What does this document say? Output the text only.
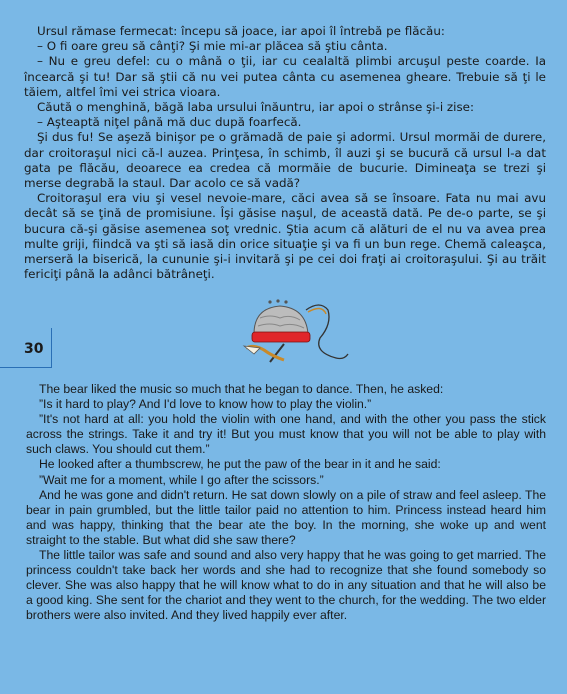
Ursul rămase fermecat: începu să joace, iar apoi îl întrebă pe flăcău:

– O fi oare greu să cânţi? Şi mie mi-ar plăcea să ştiu cânta.

– Nu e greu defel: cu o mână o ţii, iar cu cealaltă plimbi arcuşul peste coarde. Ia încearcă şi tu! Dar să ştii că nu vei putea cânta cu asemenea gheare. Trebuie să ţi le tăiem, altfel îmi vei strica vioara.

Căută o menghină, băgă laba ursului înăuntru, iar apoi o strânse şi-i zise:

– Aşteaptă niţel până mă duc după foarfecă.

Şi dus fu! Se aşeză binişor pe o grămadă de paie şi adormi. Ursul mormăi de durere, dar croitoraşul nici că-l auzea. Prinţesa, în schimb, îl auzi şi se bucură că ursul l-a dat gata pe flăcău, deoarece ea credea că mormăie de bucurie. Dimineaţa se trezi şi merse degrabă la staul. Dar acolo ce să vadă?

Croitoraşul era viu şi vesel nevoie-mare, căci avea să se însoare. Fata nu mai avu decât să se ţină de promisiune. Îşi găsise naşul, de această dată. Pe de-o parte, se şi bucura că-şi găsise asemenea soţ vrednic. Ştia acum că alături de el nu va avea prea multe griji, fiindcă va şti să iasă din orice situaţie şi va fi un bun rege. Chemă caleaşca, merseră la biserică, la cununie şi-i invitară şi pe cei doi fraţi ai croitoraşului. Şi au trăit fericiţi până la adânci bătrâneţi.

30

The bear liked the music so much that he began to dance. Then, he asked:

”Is it hard to play? And I'd love to know how to play the violin.”

”It's not hard at all: you hold the violin with one hand, and with the other you pass the stick across the strings. Take it and try it! But you must know that you will not be able to play with such claws. You should cut them.”

He looked after a thumbscrew, he put the paw of the bear in it and he said:

”Wait me for a moment, while I go after the scissors.”

And he was gone and didn't return. He sat down slowly on a pile of straw and feel asleep. The bear in pain grumbled, but the little tailor paid no attention to him. Princess instead heard him and was happy, thinking that the bear ate the boy. In the morning, she woke up and went straight to the stable. But what did she saw there?

The little tailor was safe and sound and also very happy that he was going to get married. The princess couldn't take back her words and she had to recognize that she found somebody so clever. She was also happy that he will know what to do in any situation and that he will also be a good king. She sent for the chariot and they went to the church, for the wedding. The two elder brothers were also invited. And they lived happily ever after.
